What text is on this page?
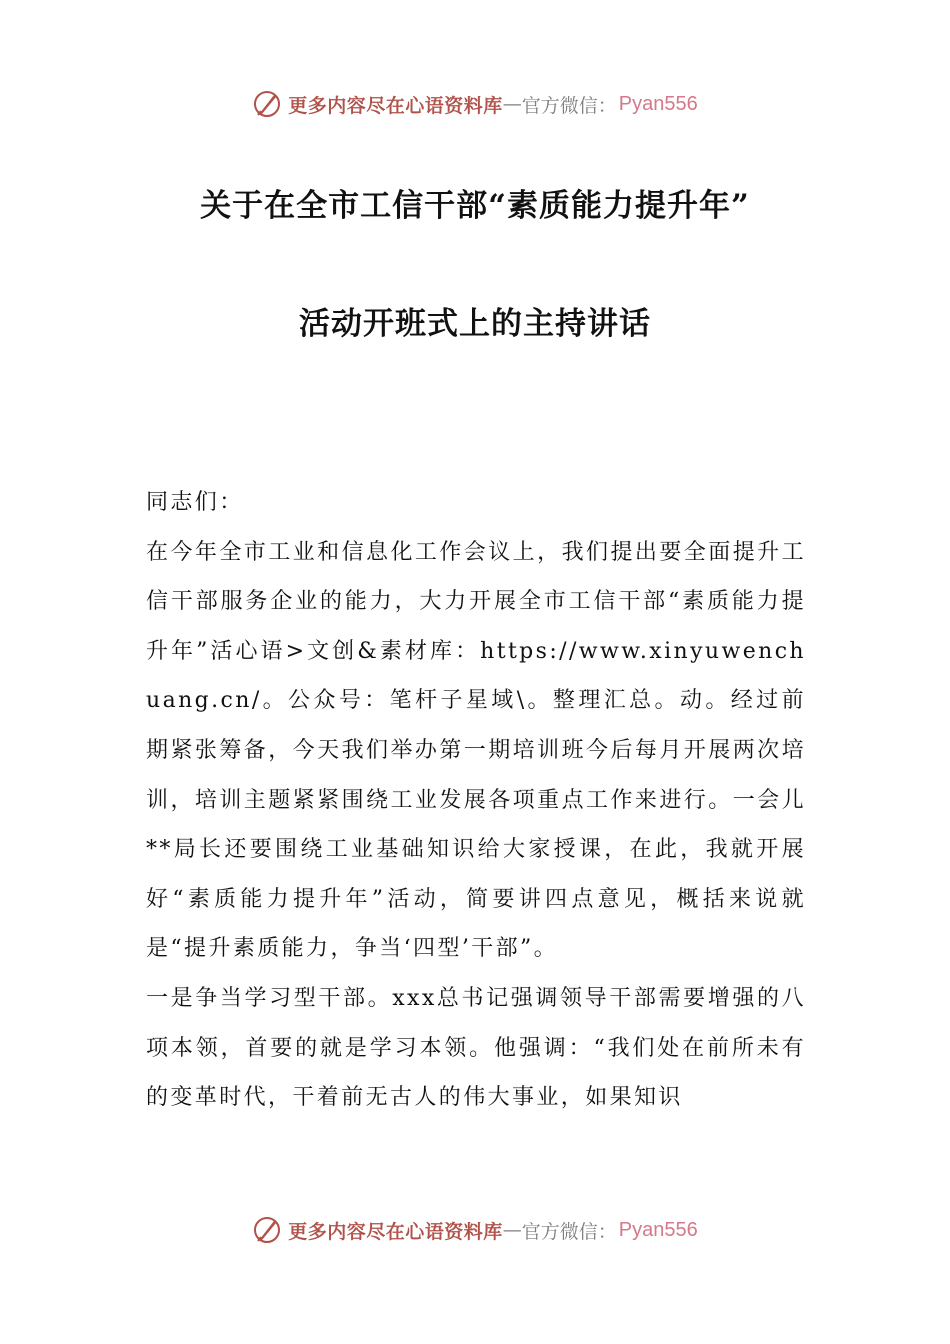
更多内容尽在心语资料库 — 官方微信： Pyan556
关于在全市工信干部“素质能力提升年”
活动开班式上的主持讲话

同志们：

在今年全市工业和信息化工作会议上，我们提出要全面提升工信干部服务企业的能力，大力开展全市工信干部“素质能力提升年”活心语>文创&素材库：https://www.xinyuwenchuang.cn/。公众号：笔杆子星域\。整理汇总。动。经过前期紧张筹备，今天我们举办第一期培训班今后每月开展两次培训，培训主题紧紧围绕工业发展各项重点工作来进行。一会儿**局长还要围绕工业基础知识给大家授课，在此，我就开展好“素质能力提升年”活动，简要讲四点意见，概括来说就是“提升素质能力，争当‘四型’干部”。

一是争当学习型干部。xxx总书记强调领导干部需要增强的八项本领，首要的就是学习本领。他强调：“我们处在前所未有的变革时代，干着前无古人的伟大事业，如果知识

更多内容尽在心语资料库 — 官方微信： Pyan556
